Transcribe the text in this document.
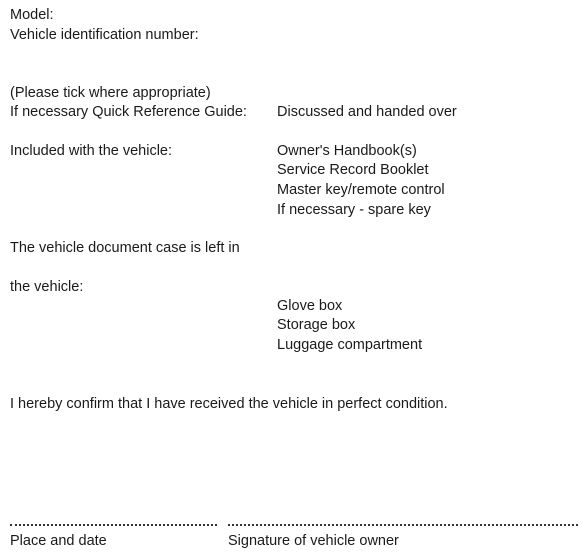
Model:
Vehicle identification number:
(Please tick where appropriate)
If necessary Quick Reference Guide: Discussed and handed over
Included with the vehicle:	Owner's Handbook(s)
Service Record Booklet
Master key/remote control
If necessary - spare key
The vehicle document case is left in
the vehicle:
Glove box
Storage box
Luggage compartment
I hereby confirm that I have received the vehicle in perfect condition.
Place and date	Signature of vehicle owner
